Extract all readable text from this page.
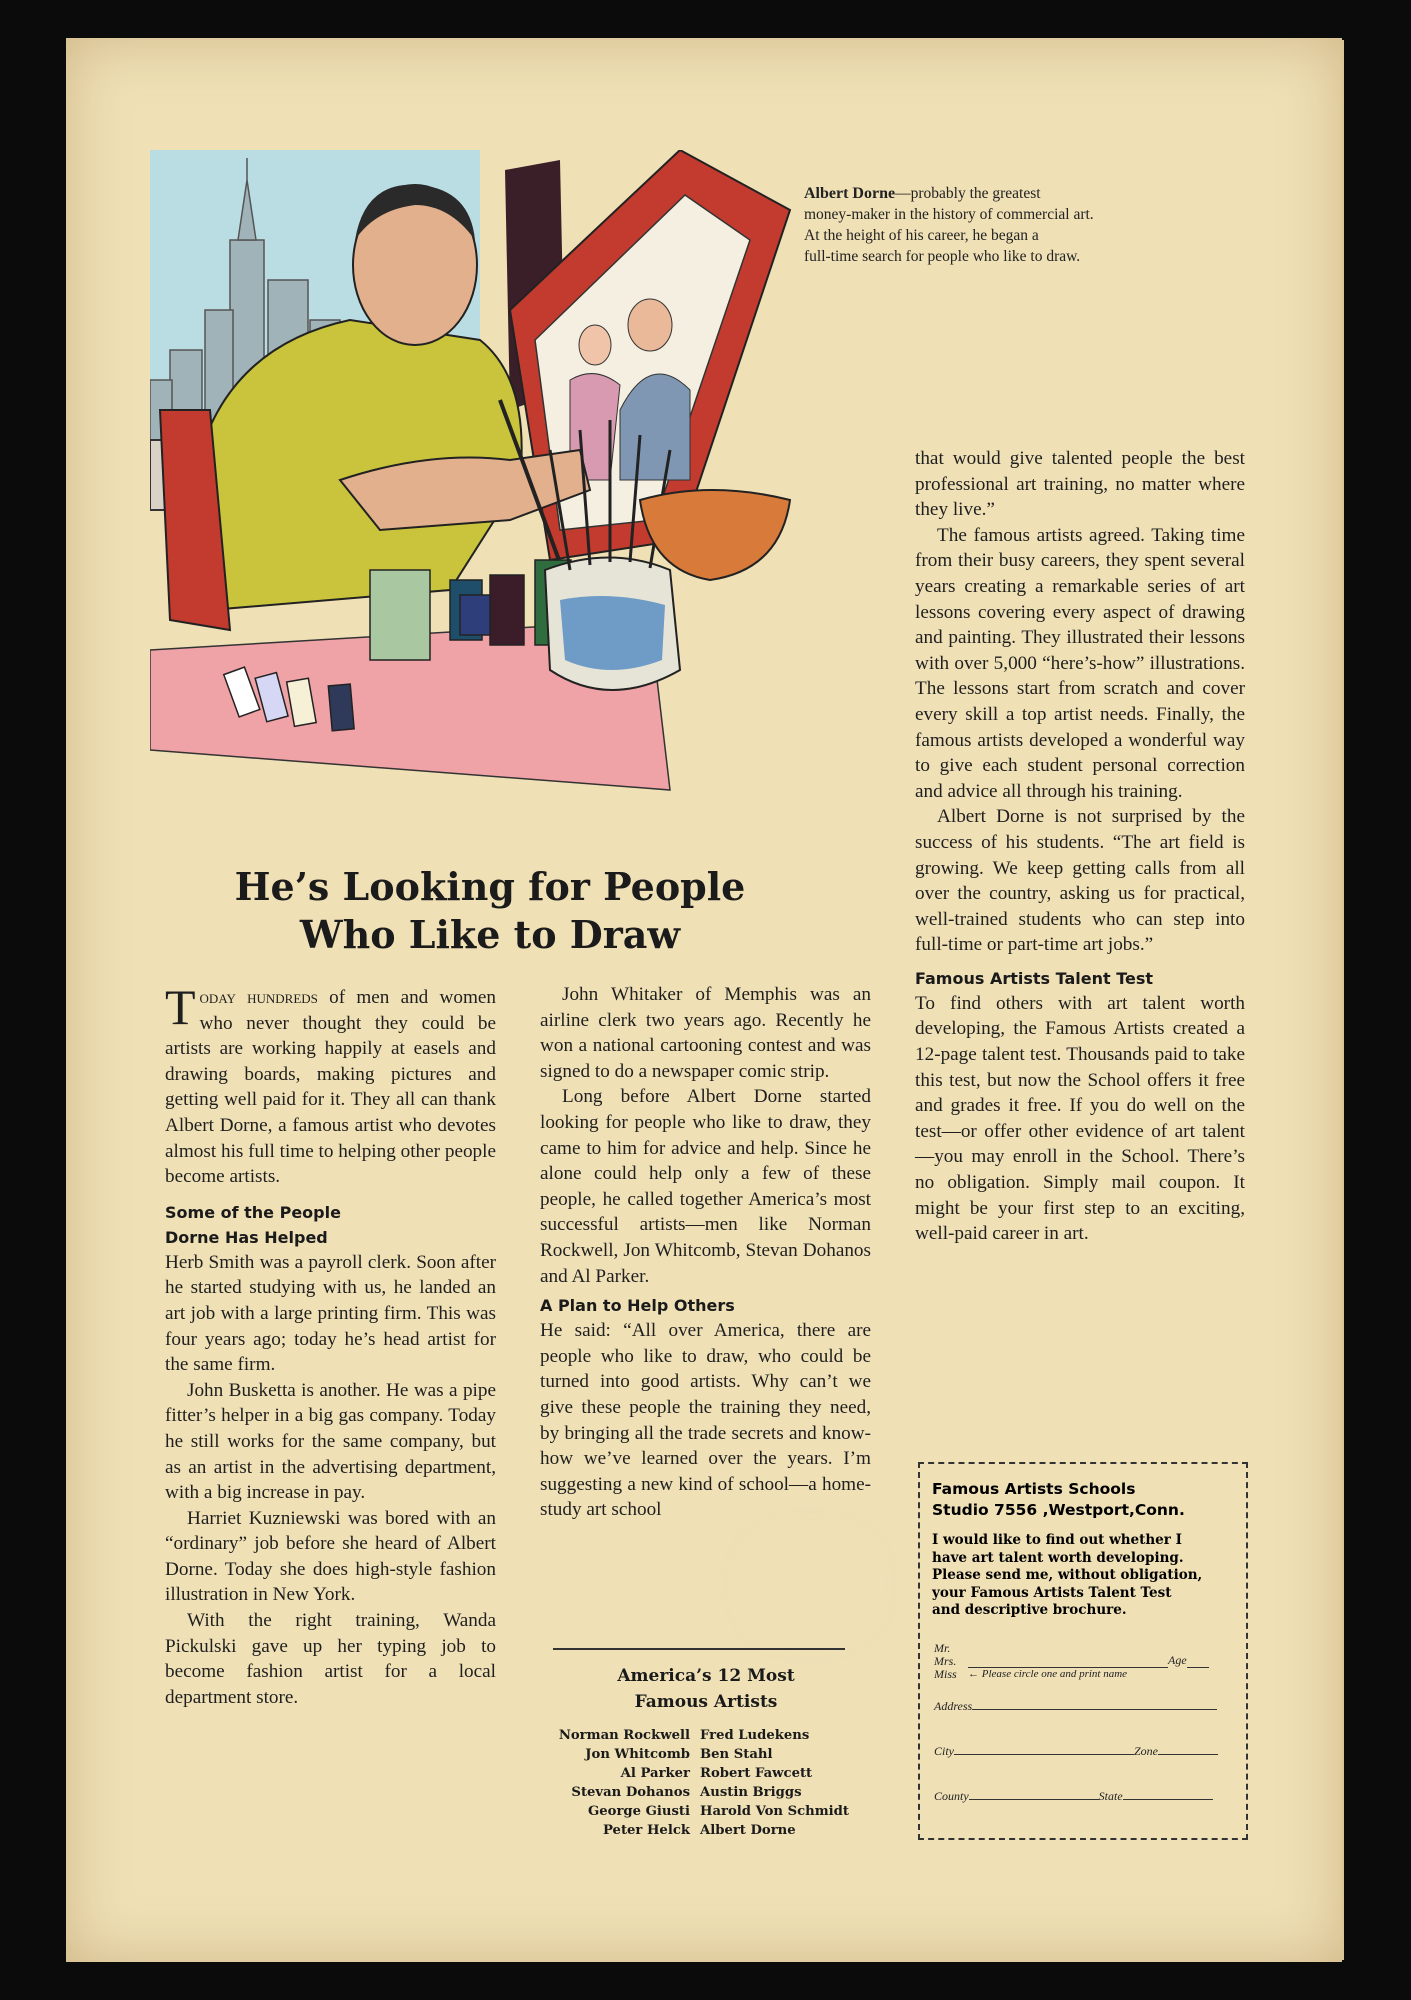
Albert Dorne—probably the greatest
money-maker in the history of commercial art.
At the height of his career, he began a
full-time search for people who like to draw.
He’s Looking for People
Who Like to Draw

Today hundreds of men and women who never thought they could be artists are working happily at easels and drawing boards, making pictures and getting well paid for it. They all can thank Albert Dorne, a famous artist who devotes almost his full time to helping other people become artists.

Some of the People

Dorne Has Helped

Herb Smith was a payroll clerk. Soon after he started studying with us, he landed an art job with a large printing firm. This was four years ago; today he’s head artist for the same firm.

John Busketta is another. He was a pipe fitter’s helper in a big gas company. Today he still works for the same company, but as an artist in the advertising department, with a big increase in pay.

Harriet Kuzniewski was bored with an “ordinary” job before she heard of Albert Dorne. Today she does high-style fashion illustration in New York.

With the right training, Wanda Pickulski gave up her typing job to become fashion artist for a local department store.

John Whitaker of Memphis was an airline clerk two years ago. Recently he won a national cartooning contest and was signed to do a newspaper comic strip.

Long before Albert Dorne started looking for people who like to draw, they came to him for advice and help. Since he alone could help only a few of these people, he called together America’s most successful artists—men like Norman Rockwell, Jon Whitcomb, Stevan Dohanos and Al Parker.

A Plan to Help Others

He said: “All over America, there are people who like to draw, who could be turned into good artists. Why can’t we give these people the training they need, by bringing all the trade secrets and know-how we’ve learned over the years. I’m suggesting a new kind of school—a home-study art school

America’s 12 Most
Famous Artists
Norman Rockwell Fred Ludekens
Jon Whitcomb Ben Stahl
Al Parker Robert Fawcett
Stevan Dohanos Austin Briggs
George Giusti Harold Von Schmidt
Peter Helck Albert Dorne

that would give talented people the best professional art training, no matter where they live.”

The famous artists agreed. Taking time from their busy careers, they spent several years creating a remarkable series of art lessons covering every aspect of drawing and painting. They illustrated their lessons with over 5,000 “here’s-how” illustrations. The lessons start from scratch and cover every skill a top artist needs. Finally, the famous artists developed a wonderful way to give each student personal correction and advice all through his training.

Albert Dorne is not surprised by the success of his students. “The art field is growing. We keep getting calls from all over the country, asking us for practical, well-trained students who can step into full-time or part-time art jobs.”

Famous Artists Talent Test

To find others with art talent worth developing, the Famous Artists created a 12-page talent test. Thousands paid to take this test, but now the School offers it free and grades it free. If you do well on the test—or offer other evidence of art talent—you may enroll in the School. There’s no obligation. Simply mail coupon. It might be your first step to an exciting, well-paid career in art.

Famous Artists Schools
Studio 7556 ,Westport,Conn.
I would like to find out whether I
have art talent worth developing.
Please send me, without obligation,
your Famous Artists Talent Test
and descriptive brochure.
Mr.
Mrs.
Miss
Age
← Please circle one and print name
Address
City	Zone
County	State
